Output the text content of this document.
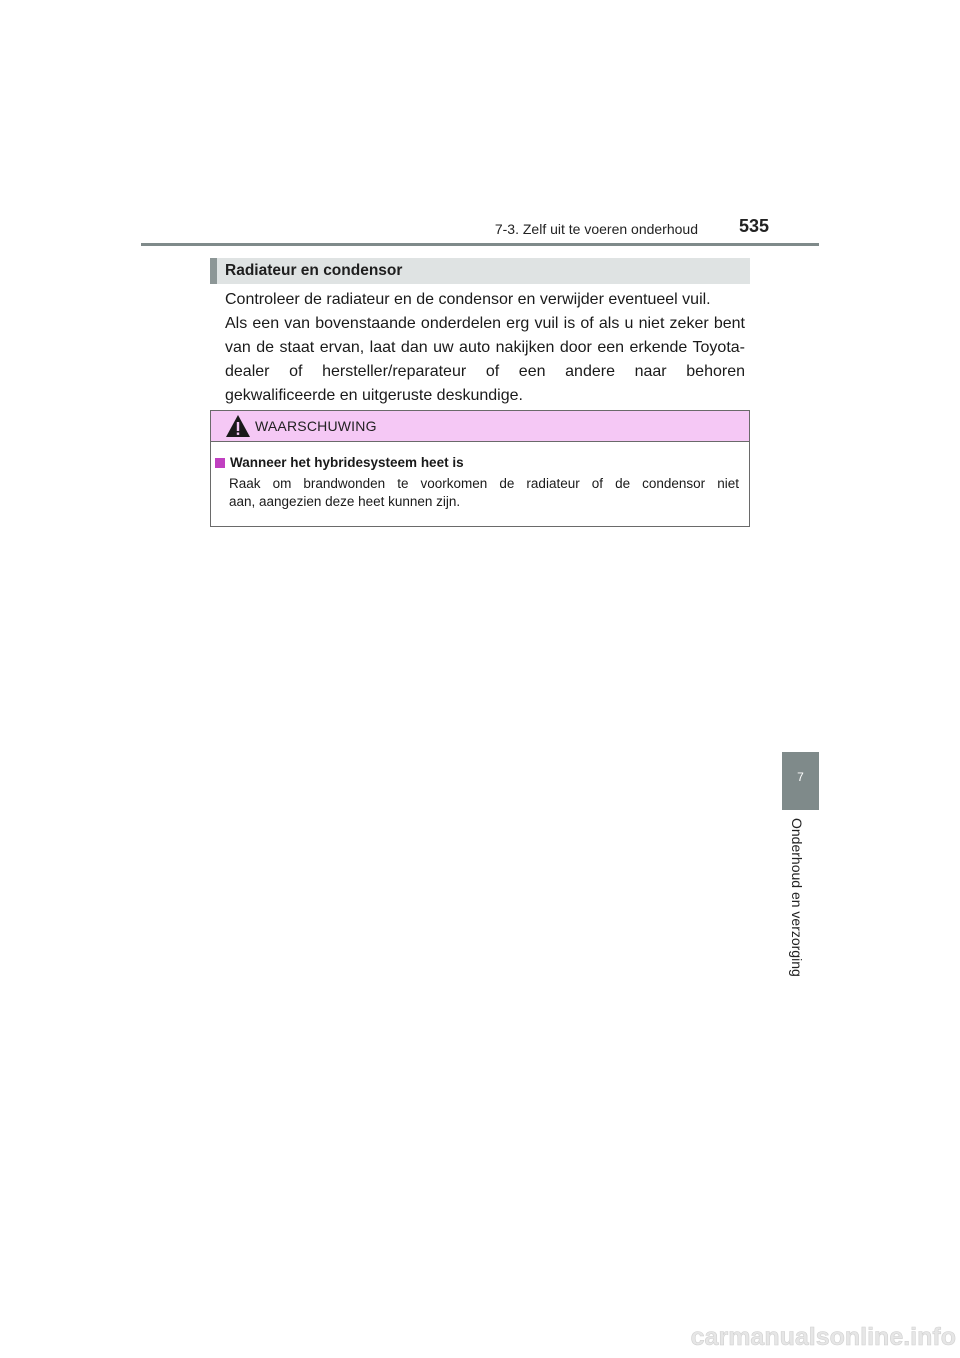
7-3. Zelf uit te voeren onderhoud 535
Radiateur en condensor

Controleer de radiateur en de condensor en verwijder eventueel vuil.

Als een van bovenstaande onderdelen erg vuil is of als u niet zeker bent van de staat ervan, laat dan uw auto nakijken door een erkende Toyota-dealer of hersteller/reparateur of een andere naar behoren gekwalificeerde en uitgeruste deskundige.

WAARSCHUWING
Wanneer het hybridesysteem heet is

Raak om brandwonden te voorkomen de radiateur of de condensor niet
aan, aangezien deze heet kunnen zijn.

7
Onderhoud en verzorging
carmanualsonline.info
